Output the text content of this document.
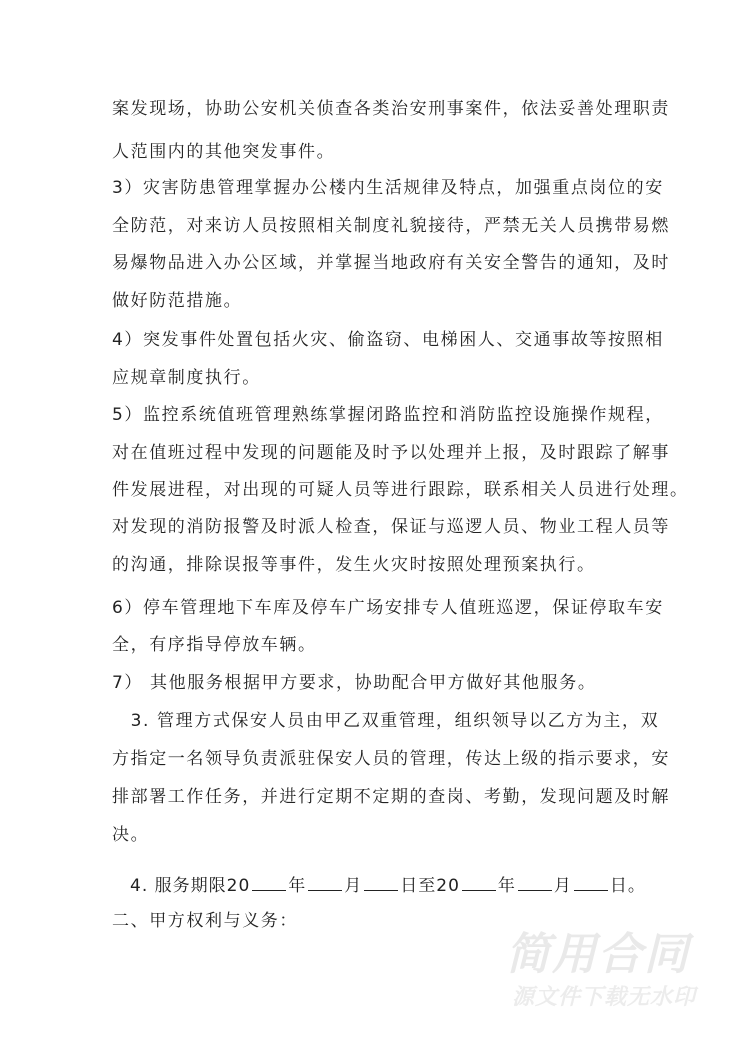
案发现场，协助公安机关侦查各类治安刑事案件，依法妥善处理职责
人范围内的其他突发事件。
3）灾害防患管理掌握办公楼内生活规律及特点，加强重点岗位的安
全防范，对来访人员按照相关制度礼貌接待，严禁无关人员携带易燃
易爆物品进入办公区域，并掌握当地政府有关安全警告的通知，及时
做好防范措施。
4）突发事件处置包括火灾、偷盗窃、电梯困人、交通事故等按照相
应规章制度执行。
5）监控系统值班管理熟练掌握闭路监控和消防监控设施操作规程，
对在值班过程中发现的问题能及时予以处理并上报，及时跟踪了解事
件发展进程，对出现的可疑人员等进行跟踪，联系相关人员进行处理。
对发现的消防报警及时派人检查，保证与巡逻人员、物业工程人员等
的沟通，排除误报等事件，发生火灾时按照处理预案执行。
6）停车管理地下车库及停车广场安排专人值班巡逻，保证停取车安
全，有序指导停放车辆。
7） 其他服务根据甲方要求，协助配合甲方做好其他服务。
　3. 管理方式保安人员由甲乙双重管理，组织领导以乙方为主，双
方指定一名领导负责派驻保安人员的管理，传达上级的指示要求，安
排部署工作任务，并进行定期不定期的查岗、考勤，发现问题及时解
决。
　4. 服务期限20 年 月 日至20 年 月 日。
二、甲方权利与义务：
简用合同
源文件下载无水印
